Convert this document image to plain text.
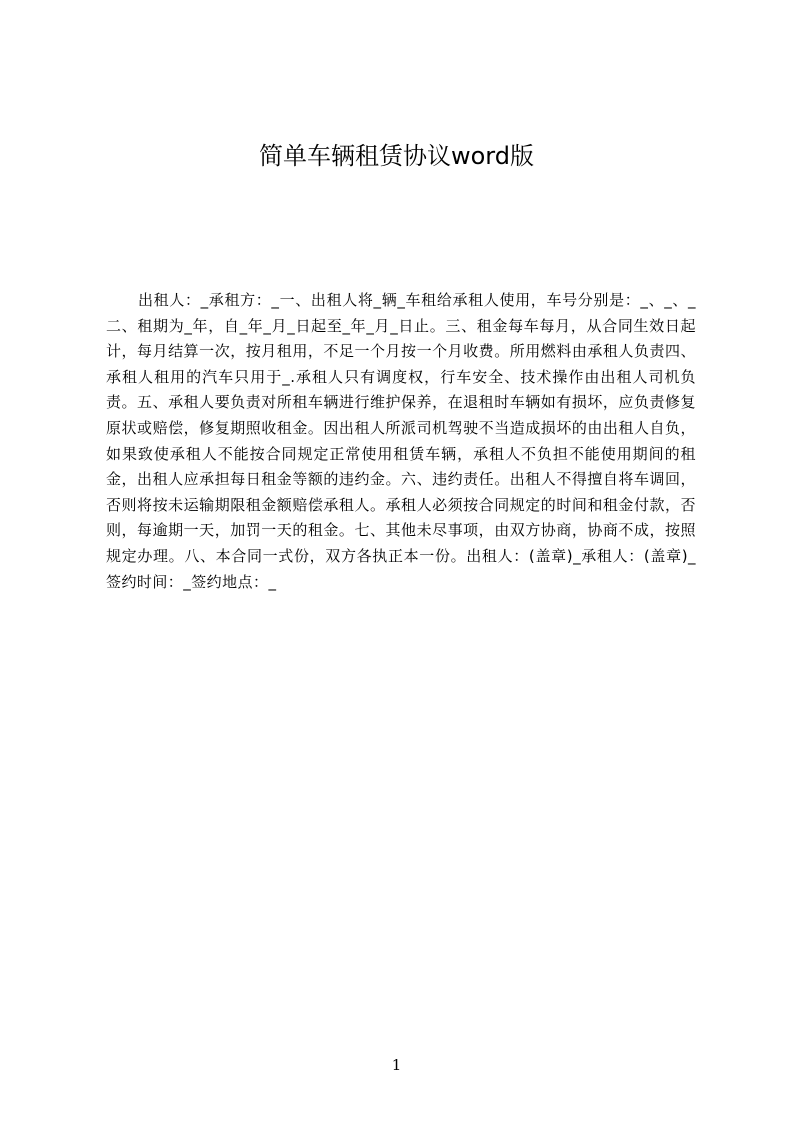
简单车辆租赁协议word版

出租人：_承租方：_一、出租人将_辆_车租给承租人使用，车号分别是：_、_、_二、租期为_年，自_年_月_日起至_年_月_日止。三、租金每车每月，从合同生效日起计，每月结算一次，按月租用，不足一个月按一个月收费。所用燃料由承租人负责四、承租人租用的汽车只用于_.承租人只有调度权，行车安全、技术操作由出租人司机负责。五、承租人要负责对所租车辆进行维护保养，在退租时车辆如有损坏，应负责修复原状或赔偿，修复期照收租金。因出租人所派司机驾驶不当造成损坏的由出租人自负，如果致使承租人不能按合同规定正常使用租赁车辆，承租人不负担不能使用期间的租金，出租人应承担每日租金等额的违约金。六、违约责任。出租人不得擅自将车调回，否则将按未运输期限租金额赔偿承租人。承租人必须按合同规定的时间和租金付款，否则，每逾期一天，加罚一天的租金。七、其他未尽事项，由双方协商，协商不成，按照规定办理。八、本合同一式份，双方各执正本一份。出租人：(盖章)_承租人：(盖章)_签约时间：_签约地点：_

1
